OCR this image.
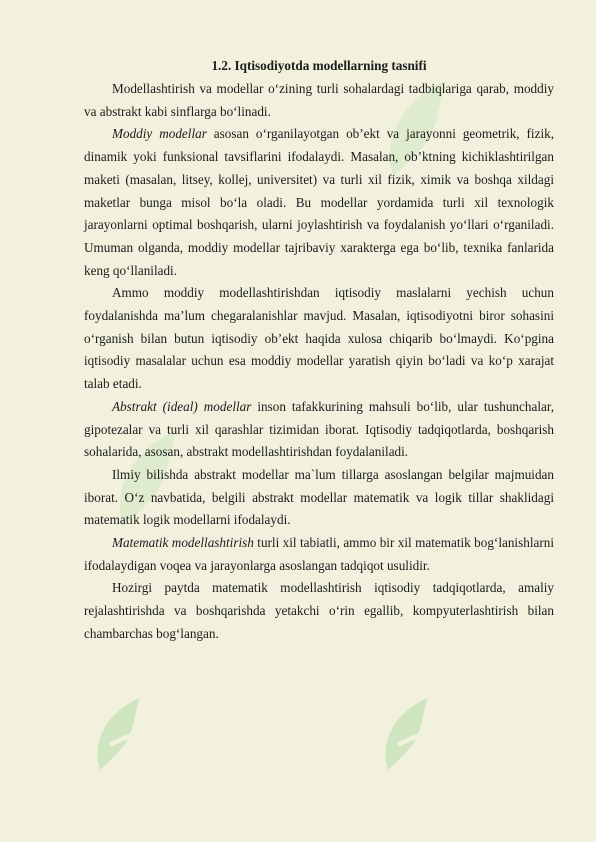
1.2. Iqtisodiyotda modellarning tasnifi

Modellashtirish va modellar o‘zining turli sohalardagi tadbiqlariga qarab, moddiy va abstrakt kabi sinflarga bo‘linadi.

Moddiy modellar asosan o‘rganilayotgan ob’ekt va jarayonni geometrik, fizik, dinamik yoki funksional tavsiflarini ifodalaydi. Masalan, ob’ktning kichiklashtirilgan maketi (masalan, litsey, kollej, universitet) va turli xil fizik, ximik va boshqa xildagi maketlar bunga misol bo‘la oladi. Bu modellar yordamida turli xil texnologik jarayonlarni optimal boshqarish, ularni joylashtirish va foydalanish yo‘llari o‘rganiladi. Umuman olganda, moddiy modellar tajribaviy xarakterga ega bo‘lib, texnika fanlarida keng qo‘llaniladi.

Ammo moddiy modellashtirishdan iqtisodiy maslalarni yechish uchun foydalanishda ma’lum chegaralanishlar mavjud. Masalan, iqtisodiyotni biror sohasini o‘rganish bilan butun iqtisodiy ob’ekt haqida xulosa chiqarib bo‘lmaydi. Ko‘pgina iqtisodiy masalalar uchun esa moddiy modellar yaratish qiyin bo‘ladi va ko‘p xarajat talab etadi.

Abstrakt (ideal) modellar inson tafakkurining mahsuli bo‘lib, ular tushunchalar, gipotezalar va turli xil qarashlar tizimidan iborat. Iqtisodiy tadqiqotlarda, boshqarish sohalarida, asosan, abstrakt modellashtirishdan foydalaniladi.

Ilmiy bilishda abstrakt modellar ma`lum tillarga asoslangan belgilar majmuidan iborat. O‘z navbatida, belgili abstrakt modellar matematik va logik tillar shaklidagi matematik logik modellarni ifodalaydi.

Matematik modellashtirish turli xil tabiatli, ammo bir xil matematik bog‘lanishlarni ifodalaydigan voqea va jarayonlarga asoslangan tadqiqot usulidir.

Hozirgi paytda matematik modellashtirish iqtisodiy tadqiqotlarda, amaliy rejalashtirishda va boshqarishda yetakchi o‘rin egallib, kompyuterlashtirish bilan chambarchas bog‘langan.
